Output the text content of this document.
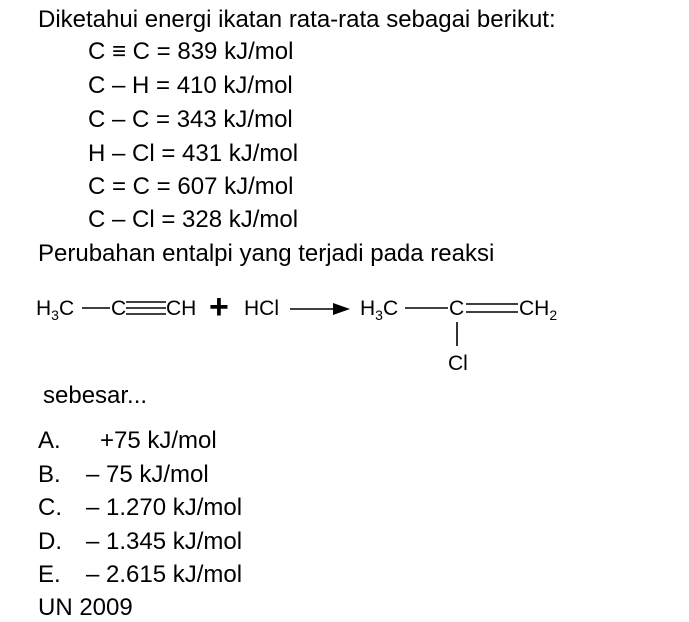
Diketahui energi ikatan rata-rata sebagai berikut:
C ≡ C = 839 kJ/mol
C – H = 410 kJ/mol
C – C = 343 kJ/mol
H – Cl = 431 kJ/mol
C = C = 607 kJ/mol
C – Cl = 328 kJ/mol
Perubahan entalpi yang terjadi pada reaksi
$H_3C$ C CH + HCl	$H_3C$ C	$CH_2$
Cl
sebesar...
A. +75 kJ/mol
B. – 75 kJ/mol
C. – 1.270 kJ/mol
D. – 1.345 kJ/mol
E. – 2.615 kJ/mol
UN 2009
